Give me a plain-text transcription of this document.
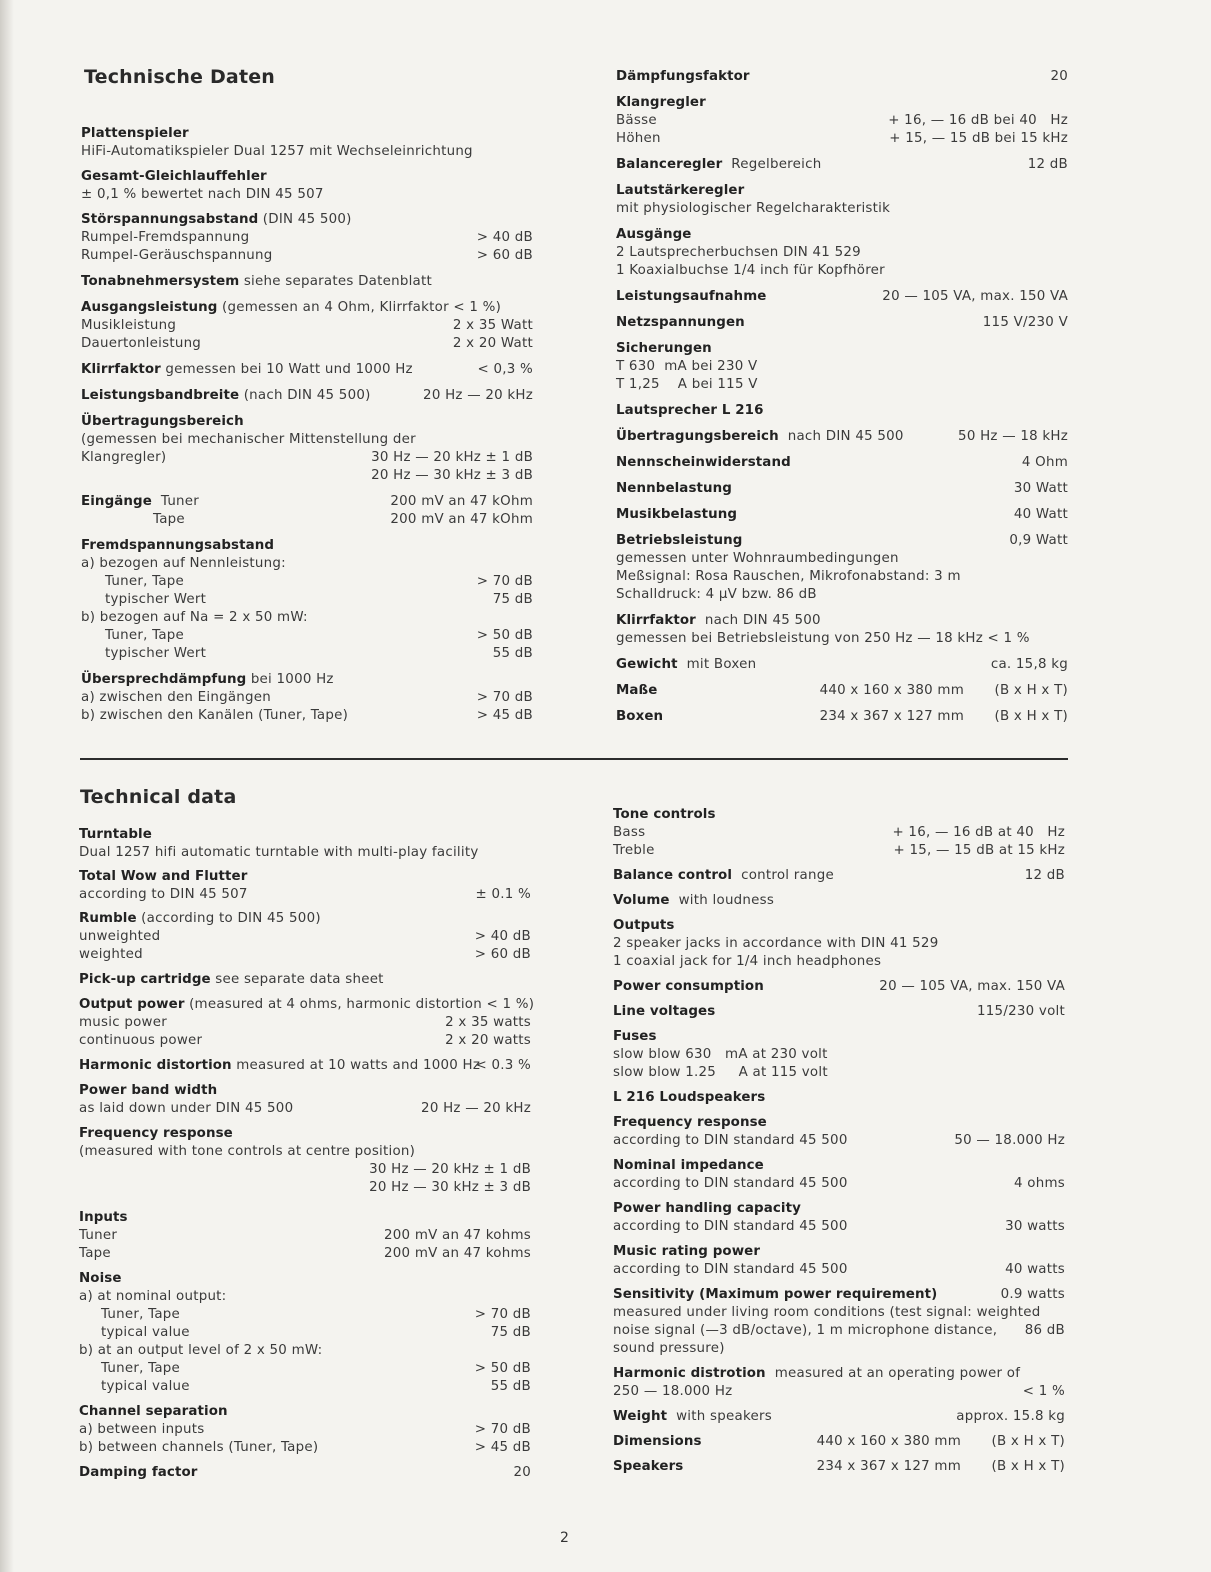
Technische Daten
Plattenspieler
HiFi-Automatikspieler Dual 1257 mit Wechseleinrichtung
Gesamt-Gleichlauffehler
± 0,1 % bewertet nach DIN 45 507
Störspannungsabstand (DIN 45 500)
Rumpel-Fremdspannung	> 40 dB
Rumpel-Geräuschspannung	> 60 dB
Tonabnehmersystem siehe separates Datenblatt
Ausgangsleistung (gemessen an 4 Ohm, Klirrfaktor < 1 %)
Musikleistung	2 x 35 Watt
Dauertonleistung	2 x 20 Watt
Klirrfaktor gemessen bei 10 Watt und 1000 Hz	< 0,3 %
Leistungsbandbreite (nach DIN 45 500)	20 Hz — 20 kHz
Übertragungsbereich
(gemessen bei mechanischer Mittenstellung der
Klangregler)	30 Hz — 20 kHz ± 1 dB
20 Hz — 30 kHz ± 3 dB
Eingänge Tuner	200 mV an 47 kOhm
Tape	200 mV an 47 kOhm
Fremdspannungsabstand
a) bezogen auf Nennleistung:
Tuner, Tape	> 70 dB
typischer Wert	75 dB
b) bezogen auf Na = 2 x 50 mW:
Tuner, Tape	> 50 dB
typischer Wert	55 dB
Übersprechdämpfung bei 1000 Hz
a) zwischen den Eingängen	> 70 dB
b) zwischen den Kanälen (Tuner, Tape)	> 45 dB
Dämpfungsfaktor	20
Klangregler
Bässe	+ 16, — 16 dB bei 40   Hz
Höhen	+ 15, — 15 dB bei 15 kHz
Balanceregler Regelbereich	12 dB
Lautstärkeregler
mit physiologischer Regelcharakteristik
Ausgänge
2 Lautsprecherbuchsen DIN 41 529
1 Koaxialbuchse 1/4 inch für Kopfhörer
Leistungsaufnahme	20 — 105 VA, max. 150 VA
Netzspannungen	115 V/230 V
Sicherungen
T 630  mA bei 230 V
T 1,25    A bei 115 V
Lautsprecher L 216
Übertragungsbereich nach DIN 45 500	50 Hz — 18 kHz
Nennscheinwiderstand	4 Ohm
Nennbelastung	30 Watt
Musikbelastung	40 Watt
Betriebsleistung	0,9 Watt
gemessen unter Wohnraumbedingungen
Meßsignal: Rosa Rauschen, Mikrofonabstand: 3 m
Schalldruck: 4 µV bzw. 86 dB
Klirrfaktor nach DIN 45 500
gemessen bei Betriebsleistung von 250 Hz — 18 kHz < 1 %
Gewicht mit Boxen	ca. 15,8 kg
Maße	440 x 160 x 380 mm (B x H x T)
Boxen	234 x 367 x 127 mm (B x H x T)
Technical data
Turntable
Dual 1257 hifi automatic turntable with multi-play facility
Total Wow and Flutter
according to DIN 45 507	± 0.1 %
Rumble (according to DIN 45 500)
unweighted	> 40 dB
weighted	> 60 dB
Pick-up cartridge see separate data sheet
Output power (measured at 4 ohms, harmonic distortion < 1 %)
music power	2 x 35 watts
continuous power	2 x 20 watts
Harmonic distortion measured at 10 watts and 1000 Hz
< 0.3 %
Power band width
as laid down under DIN 45 500	20 Hz — 20 kHz
Frequency response
(measured with tone controls at centre position)
30 Hz — 20 kHz ± 1 dB
20 Hz — 30 kHz ± 3 dB
Inputs
Tuner	200 mV an 47 kohms
Tape	200 mV an 47 kohms
Noise
a) at nominal output:
Tuner, Tape	> 70 dB
typical value	75 dB
b) at an output level of 2 x 50 mW:
Tuner, Tape	> 50 dB
typical value	55 dB
Channel separation
a) between inputs	> 70 dB
b) between channels (Tuner, Tape)	> 45 dB
Damping factor	20
Tone controls
Bass	+ 16, — 16 dB at 40   Hz
Treble	+ 15, — 15 dB at 15 kHz
Balance control control range	12 dB
Volume with loudness
Outputs
2 speaker jacks in accordance with DIN 41 529
1 coaxial jack for 1/4 inch headphones
Power consumption	20 — 105 VA, max. 150 VA
Line voltages	115/230 volt
Fuses
slow blow 630   mA at 230 volt
slow blow 1.25     A at 115 volt
L 216 Loudspeakers
Frequency response
according to DIN standard 45 500	50 — 18.000 Hz
Nominal impedance
according to DIN standard 45 500	4 ohms
Power handling capacity
according to DIN standard 45 500	30 watts
Music rating power
according to DIN standard 45 500	40 watts
Sensitivity (Maximum power requirement)	0.9 watts
measured under living room conditions (test signal: weighted
noise signal (—3 dB/octave), 1 m microphone distance, 86 dB
sound pressure)
Harmonic distrotion measured at an operating power of
250 — 18.000 Hz	< 1 %
Weight with speakers	approx. 15.8 kg
Dimensions	440 x 160 x 380 mm (B x H x T)
Speakers	234 x 367 x 127 mm (B x H x T)
2
